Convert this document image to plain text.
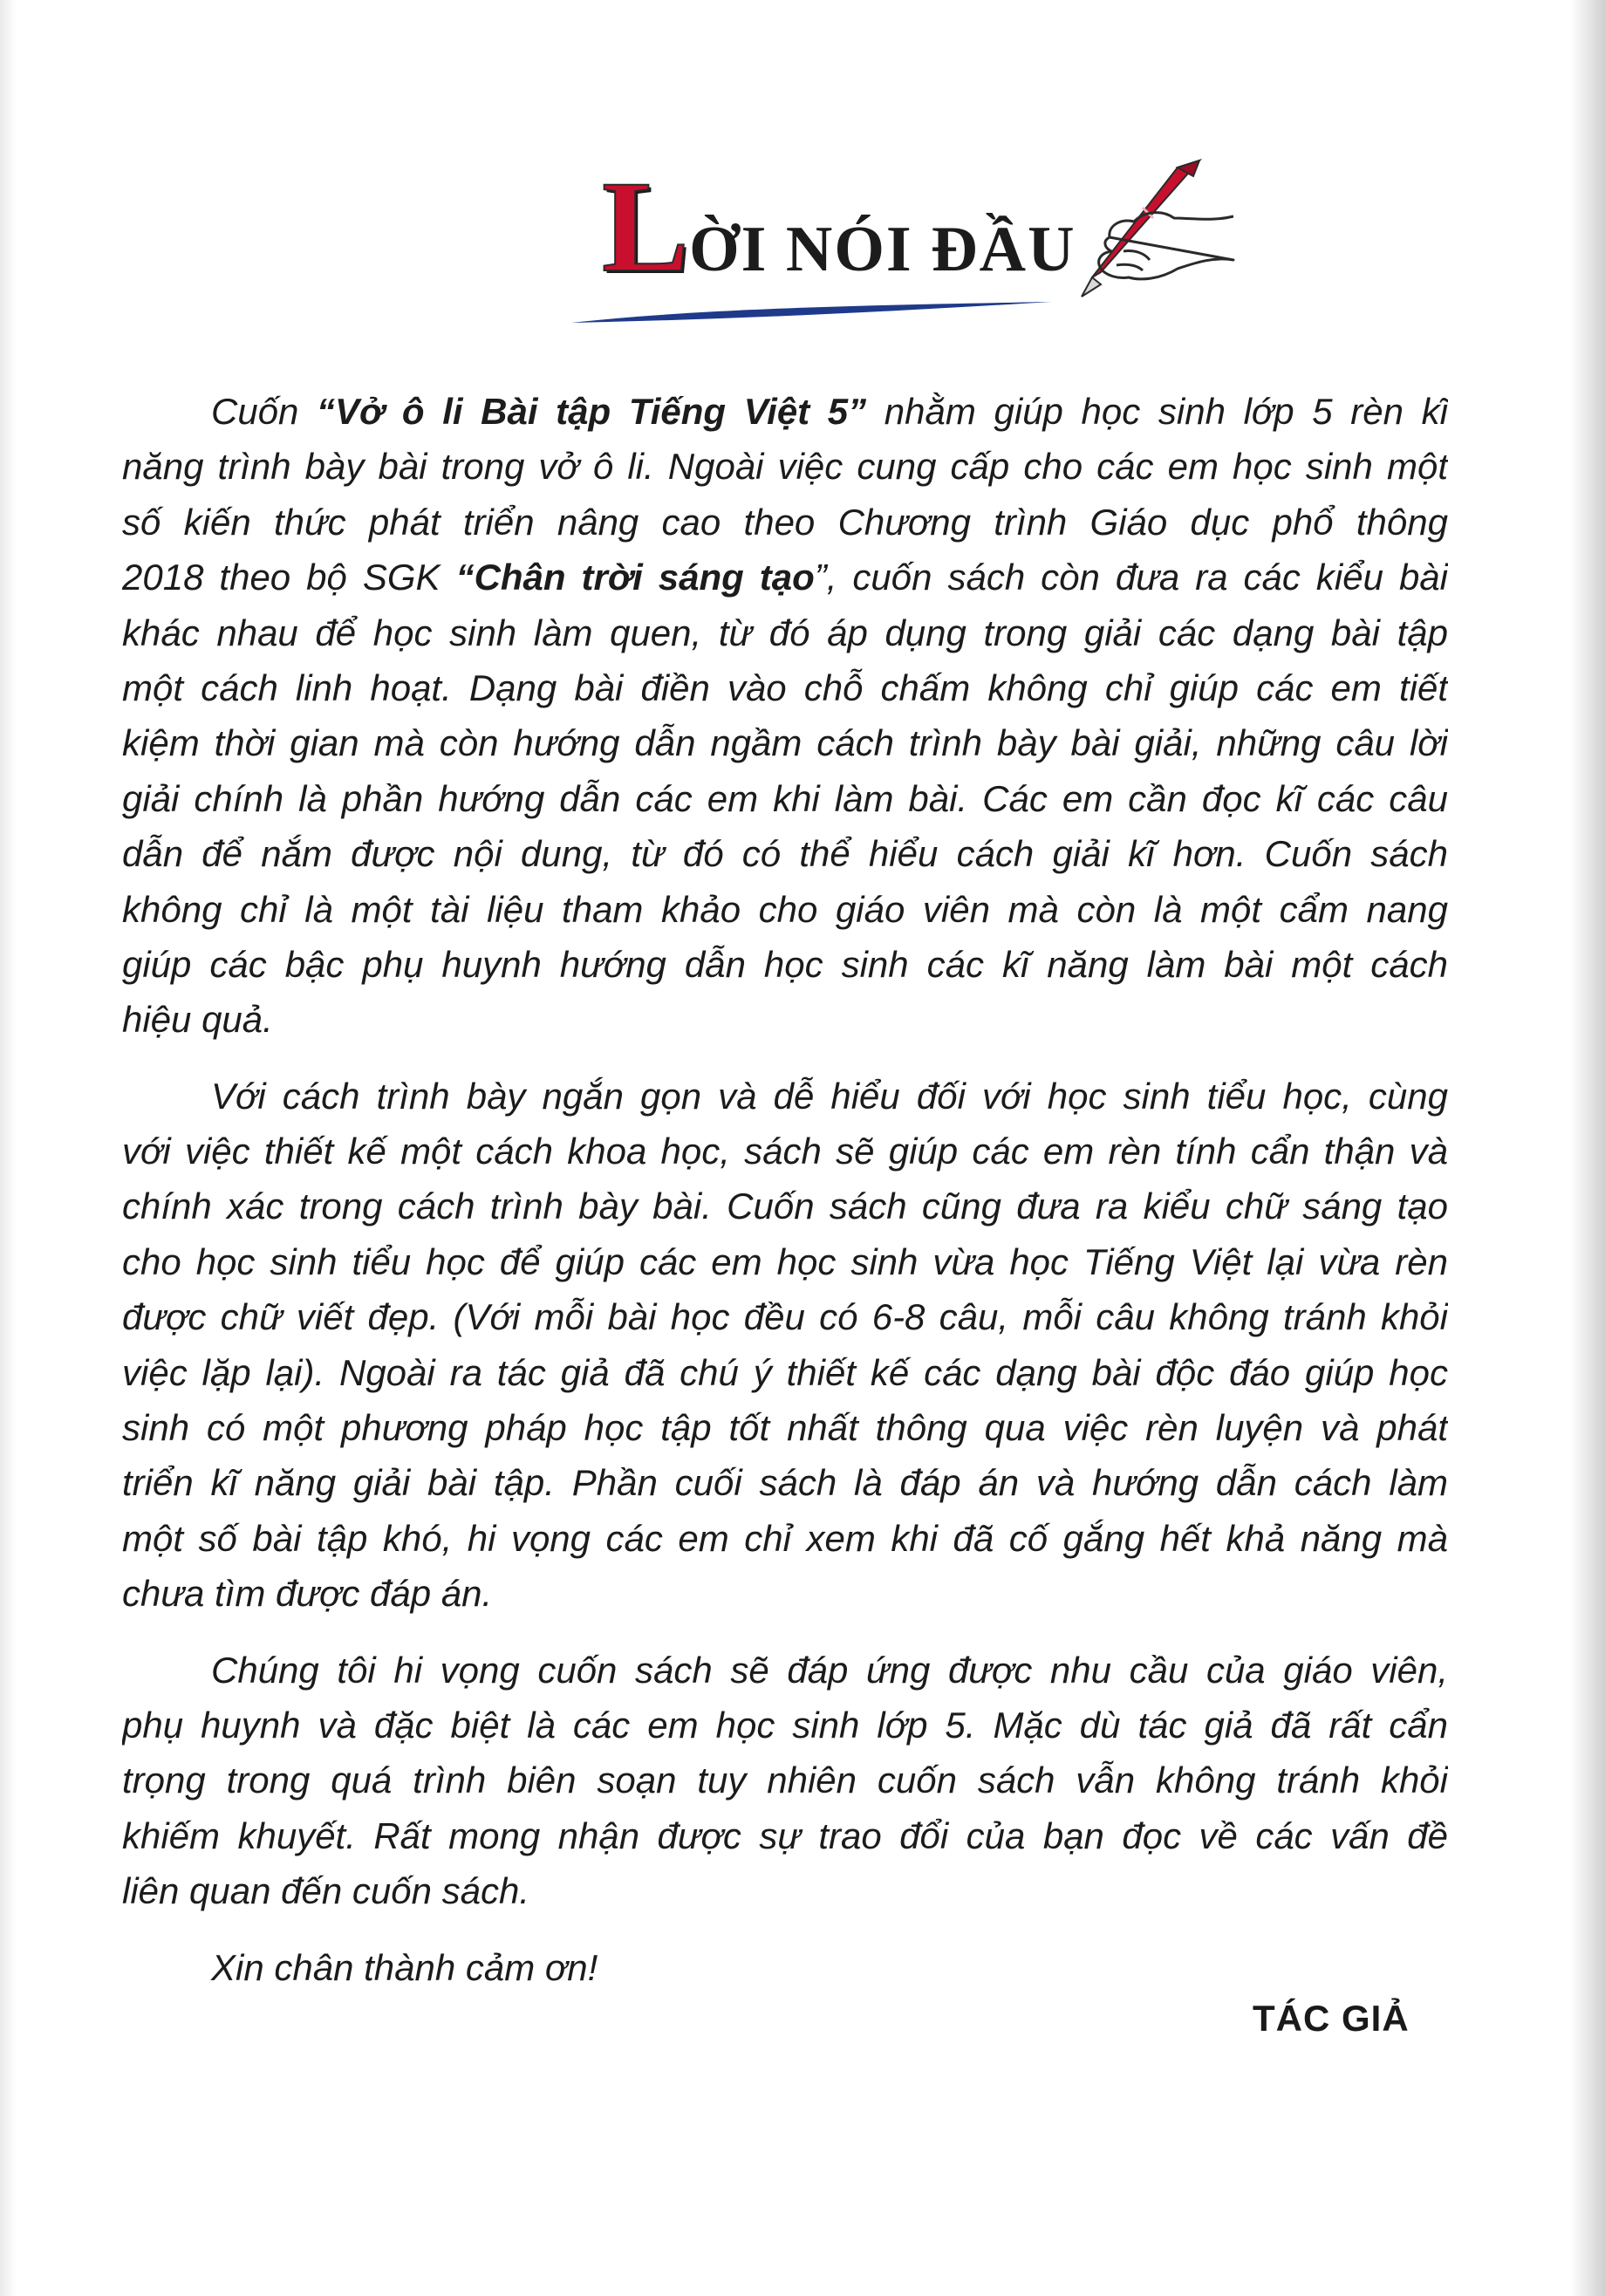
LỜI NÓI ĐẦU
Cuốn “Vở ô li Bài tập Tiếng Việt 5” nhằm giúp học sinh lớp 5 rèn kĩ
năng trình bày bài trong vở ô li. Ngoài việc cung cấp cho các em học sinh một
số kiến thức phát triển nâng cao theo Chương trình Giáo dục phổ thông
2018 theo bộ SGK “Chân trời sáng tạo”, cuốn sách còn đưa ra các kiểu bài
khác nhau để học sinh làm quen, từ đó áp dụng trong giải các dạng bài tập
một cách linh hoạt. Dạng bài điền vào chỗ chấm không chỉ giúp các em tiết
kiệm thời gian mà còn hướng dẫn ngầm cách trình bày bài giải, những câu lời
giải chính là phần hướng dẫn các em khi làm bài. Các em cần đọc kĩ các câu
dẫn để nắm được nội dung, từ đó có thể hiểu cách giải kĩ hơn. Cuốn sách
không chỉ là một tài liệu tham khảo cho giáo viên mà còn là một cẩm nang
giúp các bậc phụ huynh hướng dẫn học sinh các kĩ năng làm bài một cách
hiệu quả.
Với cách trình bày ngắn gọn và dễ hiểu đối với học sinh tiểu học, cùng
với việc thiết kế một cách khoa học, sách sẽ giúp các em rèn tính cẩn thận và
chính xác trong cách trình bày bài. Cuốn sách cũng đưa ra kiểu chữ sáng tạo
cho học sinh tiểu học để giúp các em học sinh vừa học Tiếng Việt lại vừa rèn
được chữ viết đẹp. (Với mỗi bài học đều có 6-8 câu, mỗi câu không tránh khỏi
việc lặp lại). Ngoài ra tác giả đã chú ý thiết kế các dạng bài độc đáo giúp học
sinh có một phương pháp học tập tốt nhất thông qua việc rèn luyện và phát
triển kĩ năng giải bài tập. Phần cuối sách là đáp án và hướng dẫn cách làm
một số bài tập khó, hi vọng các em chỉ xem khi đã cố gắng hết khả năng mà
chưa tìm được đáp án.
Chúng tôi hi vọng cuốn sách sẽ đáp ứng được nhu cầu của giáo viên,
phụ huynh và đặc biệt là các em học sinh lớp 5. Mặc dù tác giả đã rất cẩn
trọng trong quá trình biên soạn tuy nhiên cuốn sách vẫn không tránh khỏi
khiếm khuyết. Rất mong nhận được sự trao đổi của bạn đọc về các vấn đề
liên quan đến cuốn sách.
Xin chân thành cảm ơn!
TÁC GIẢ
